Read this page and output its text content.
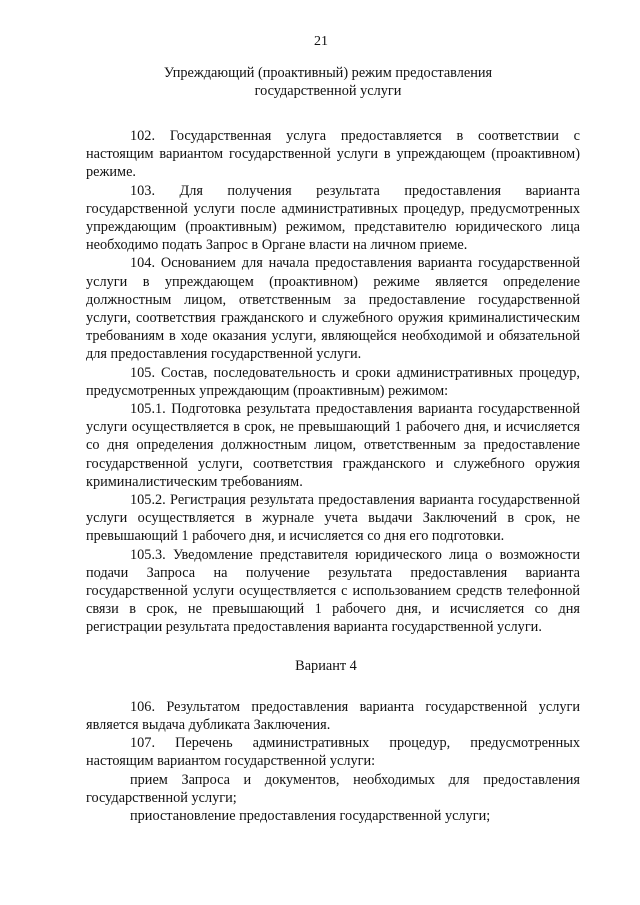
21
Упреждающий (проактивный) режим предоставления
государственной услуги

102. Государственная услуга предоставляется в соответствии с настоящим вариантом государственной услуги в упреждающем (проактивном) режиме.

103. Для получения результата предоставления варианта государственной услуги после административных процедур, предусмотренных упреждающим (проактивным) режимом, представителю юридического лица необходимо подать Запрос в Органе власти на личном приеме.

104. Основанием для начала предоставления варианта государственной услуги в упреждающем (проактивном) режиме является определение должностным лицом, ответственным за предоставление государственной услуги, соответствия гражданского и служебного оружия криминалистическим требованиям в ходе оказания услуги, являющейся необходимой и обязательной для предоставления государственной услуги.

105. Состав, последовательность и сроки административных процедур, предусмотренных упреждающим (проактивным) режимом:

105.1. Подготовка результата предоставления варианта государственной услуги осуществляется в срок, не превышающий 1 рабочего дня, и исчисляется со дня определения должностным лицом, ответственным за предоставление государственной услуги, соответствия гражданского и служебного оружия криминалистическим требованиям.

105.2. Регистрация результата предоставления варианта государственной услуги осуществляется в журнале учета выдачи Заключений в срок, не превышающий 1 рабочего дня, и исчисляется со дня его подготовки.

105.3. Уведомление представителя юридического лица о возможности подачи Запроса на получение результата предоставления варианта государственной услуги осуществляется с использованием средств телефонной связи в срок, не превышающий 1 рабочего дня, и исчисляется со дня регистрации результата предоставления варианта государственной услуги.

Вариант 4

106. Результатом предоставления варианта государственной услуги является выдача дубликата Заключения.

107. Перечень административных процедур, предусмотренных настоящим вариантом государственной услуги:

прием Запроса и документов, необходимых для предоставления государственной услуги;

приостановление предоставления государственной услуги;
